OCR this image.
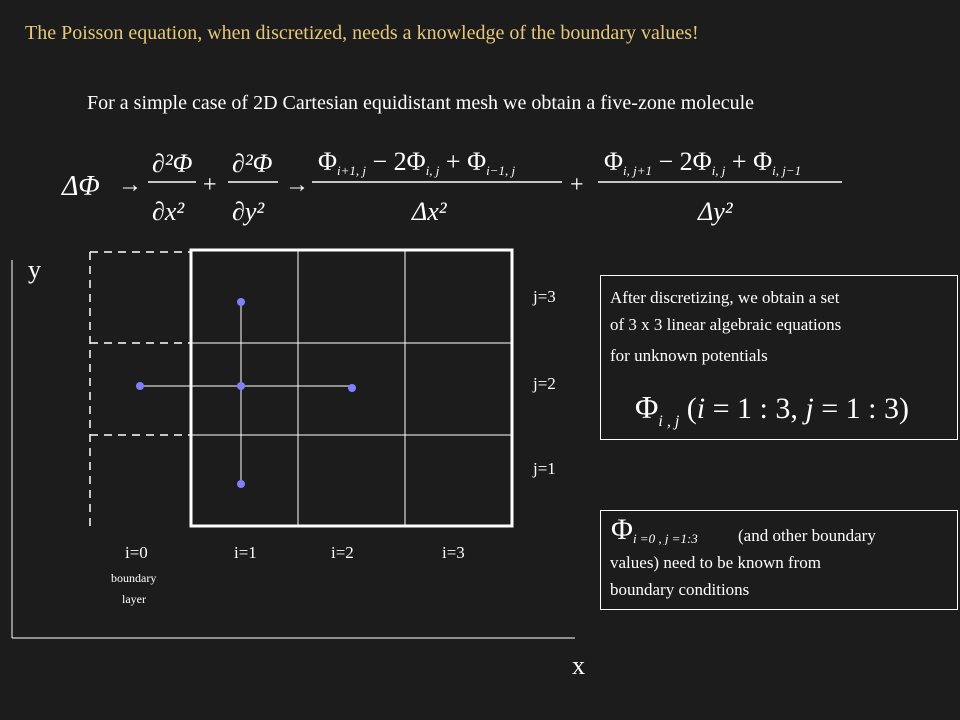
The Poisson equation, when discretized, needs a knowledge of the boundary values!
For a simple case of 2D Cartesian equidistant mesh we obtain a five-zone molecule
ΔΦ →
∂²Φ
∂x²
+
∂²Φ
∂y²
→
Φi+1, j − 2Φi, j + Φi−1, j
Δx²
+
Φi, j+1 − 2Φi, j + Φi, j−1
Δy²
y
x
j=3
j=2
j=1
i=0	i=1	i=2	i=3
boundary
layer
After discretizing, we obtain a set
of 3 x 3 linear algebraic equations
for unknown potentials
$\Phi_{i , j}$ (i = 1 : 3, j = 1 : 3)
Φi =0 , j =1:3 (and other boundary
values) need to be known from
boundary conditions
